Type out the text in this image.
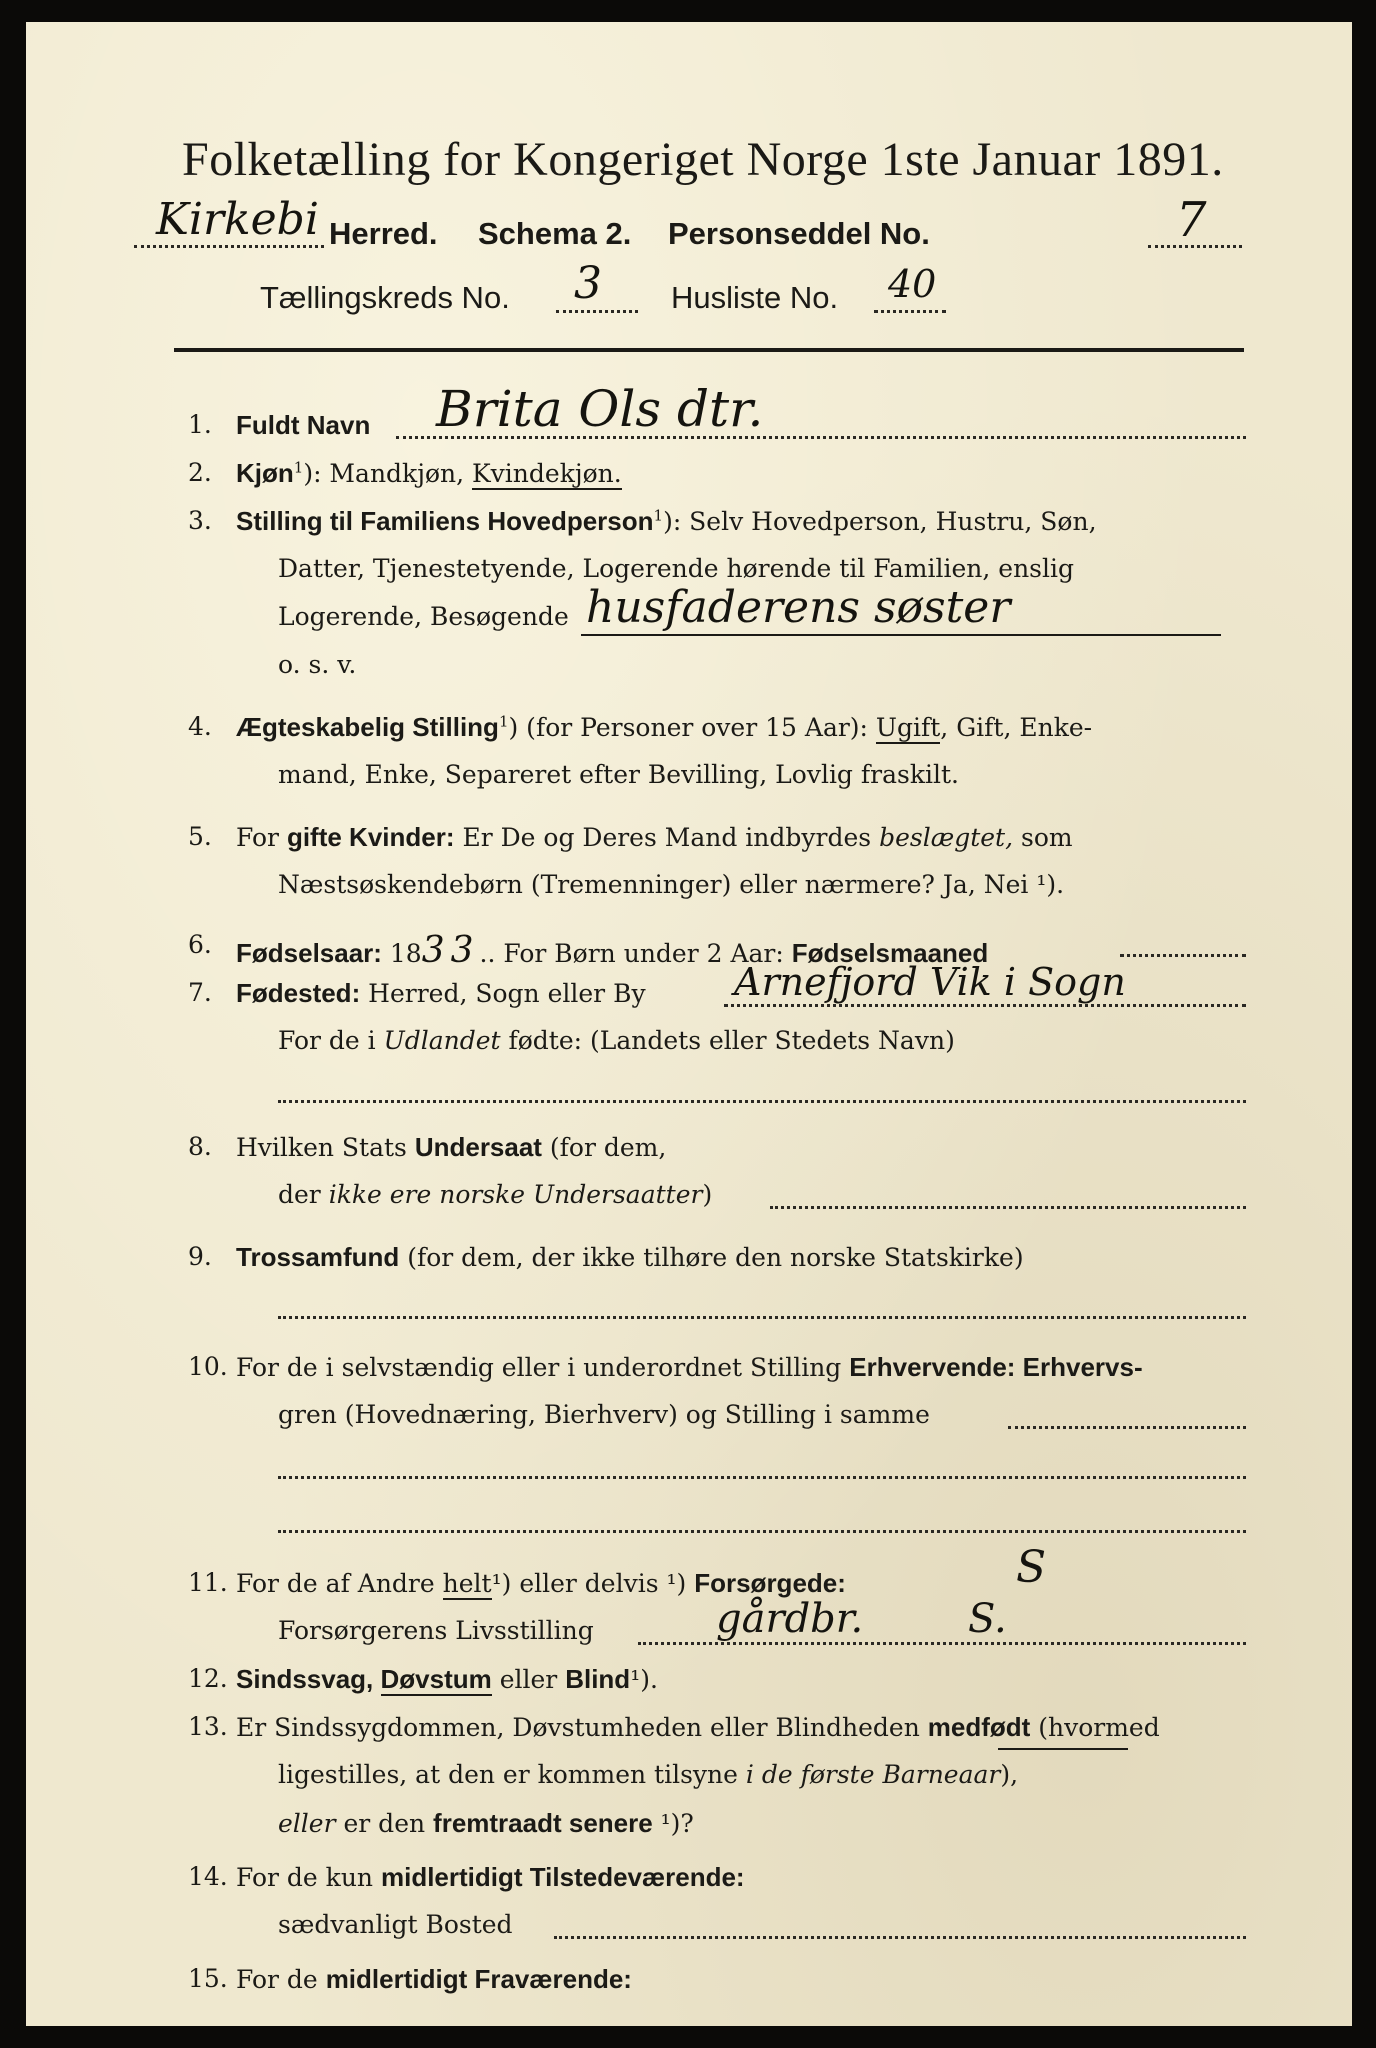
Folketælling for Kongeriget Norge 1ste Januar 1891.
Kirkebi Herred. Schema 2. Personseddel No.	7
Tællingskreds No. 3 Husliste No. 40
1. Fuldt Navn Brita Ols dtr.
2. Kjøn$^1$): Mandkjøn, Kvindekjøn.
3. Stilling til Familiens Hovedperson$^1$): Selv Hovedperson, Hustru, Søn,
Datter, Tjenestetyende, Logerende hørende til Familien, enslig
Logerende, Besøgende husfaderens søster
o. s. v.
4. Ægteskabelig Stilling$^1$) (for Personer over 15 Aar): Ugift, Gift, Enke-
mand, Enke, Separeret efter Bevilling, Lovlig fraskilt.
5. For gifte Kvinder: Er De og Deres Mand indbyrdes beslægtet, som
Næstsøskendebørn (Tremenninger) eller nærmere? Ja, Nei ¹).
6. Fødselsaar: 1833.. For Børn under 2 Aar: Fødselsmaaned
7. Fødested: Herred, Sogn eller By Arnefjord Vik i Sogn
For de i Udlandet fødte: (Landets eller Stedets Navn)
8. Hvilken Stats Undersaat (for dem,
der ikke ere norske Undersaatter)
9. Trossamfund (for dem, der ikke tilhøre den norske Statskirke)
10. For de i selvstændig eller i underordnet Stilling Erhvervende: Erhvervs-
gren (Hovednæring, Bierhverv) og Stilling i samme
11. For de af Andre helt¹) eller delvis ¹) Forsørgede:	S
Forsørgerens Livsstilling	gårdbr.	S.
12. Sindssvag, Døvstum eller Blind¹).
13. Er Sindssygdommen, Døvstumheden eller Blindheden medfødt (hvormed
ligestilles, at den er kommen tilsyne i de første Barneaar),
eller er den fremtraadt senere ¹)?
14. For de kun midlertidigt Tilstedeværende:
sædvanligt Bosted
15. For de midlertidigt Fraværende:
